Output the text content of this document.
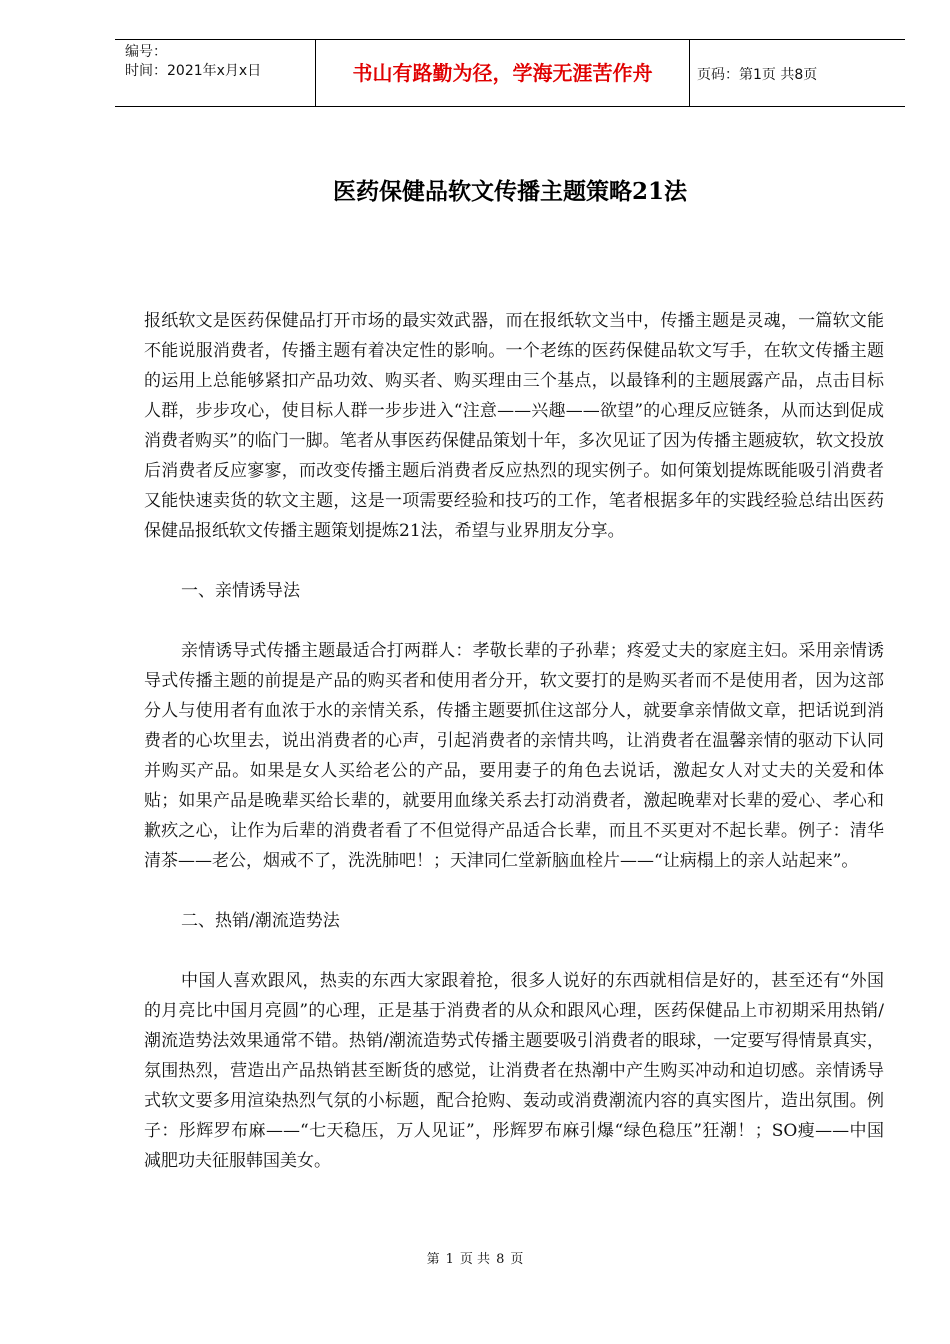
编号：
时间：2021年x月x日	书山有路勤为径，学海无涯苦作舟	页码：第1页 共8页
医药保健品软文传播主题策略21法

报纸软文是医药保健品打开市场的最实效武器，而在报纸软文当中，传播主题是灵魂，一篇软文能不能说服消费者，传播主题有着决定性的影响。一个老练的医药保健品软文写手，在软文传播主题的运用上总能够紧扣产品功效、购买者、购买理由三个基点，以最锋利的主题展露产品，点击目标人群，步步攻心，使目标人群一步步进入“注意——兴趣——欲望”的心理反应链条，从而达到促成消费者购买”的临门一脚。笔者从事医药保健品策划十年，多次见证了因为传播主题疲软，软文投放后消费者反应寥寥，而改变传播主题后消费者反应热烈的现实例子。如何策划提炼既能吸引消费者又能快速卖货的软文主题，这是一项需要经验和技巧的工作，笔者根据多年的实践经验总结出医药保健品报纸软文传播主题策划提炼21法，希望与业界朋友分享。

一、亲情诱导法

亲情诱导式传播主题最适合打两群人：孝敬长辈的子孙辈；疼爱丈夫的家庭主妇。采用亲情诱导式传播主题的前提是产品的购买者和使用者分开，软文要打的是购买者而不是使用者，因为这部分人与使用者有血浓于水的亲情关系，传播主题要抓住这部分人，就要拿亲情做文章，把话说到消费者的心坎里去，说出消费者的心声，引起消费者的亲情共鸣，让消费者在温馨亲情的驱动下认同并购买产品。如果是女人买给老公的产品，要用妻子的角色去说话，激起女人对丈夫的关爱和体贴；如果产品是晚辈买给长辈的，就要用血缘关系去打动消费者，激起晚辈对长辈的爱心、孝心和歉疚之心，让作为后辈的消费者看了不但觉得产品适合长辈，而且不买更对不起长辈。例子：清华清茶——老公，烟戒不了，洗洗肺吧！；天津同仁堂新脑血栓片——“让病榻上的亲人站起来”。

二、热销/潮流造势法

中国人喜欢跟风，热卖的东西大家跟着抢，很多人说好的东西就相信是好的，甚至还有“外国的月亮比中国月亮圆”的心理，正是基于消费者的从众和跟风心理，医药保健品上市初期采用热销/潮流造势法效果通常不错。热销/潮流造势式传播主题要吸引消费者的眼球，一定要写得情景真实，氛围热烈，营造出产品热销甚至断货的感觉，让消费者在热潮中产生购买冲动和迫切感。亲情诱导式软文要多用渲染热烈气氛的小标题，配合抢购、轰动或消费潮流内容的真实图片，造出氛围。例子：彤辉罗布麻——“七天稳压，万人见证”，彤辉罗布麻引爆“绿色稳压”狂潮！；SO瘦——中国减肥功夫征服韩国美女。

第 1 页 共 8 页
